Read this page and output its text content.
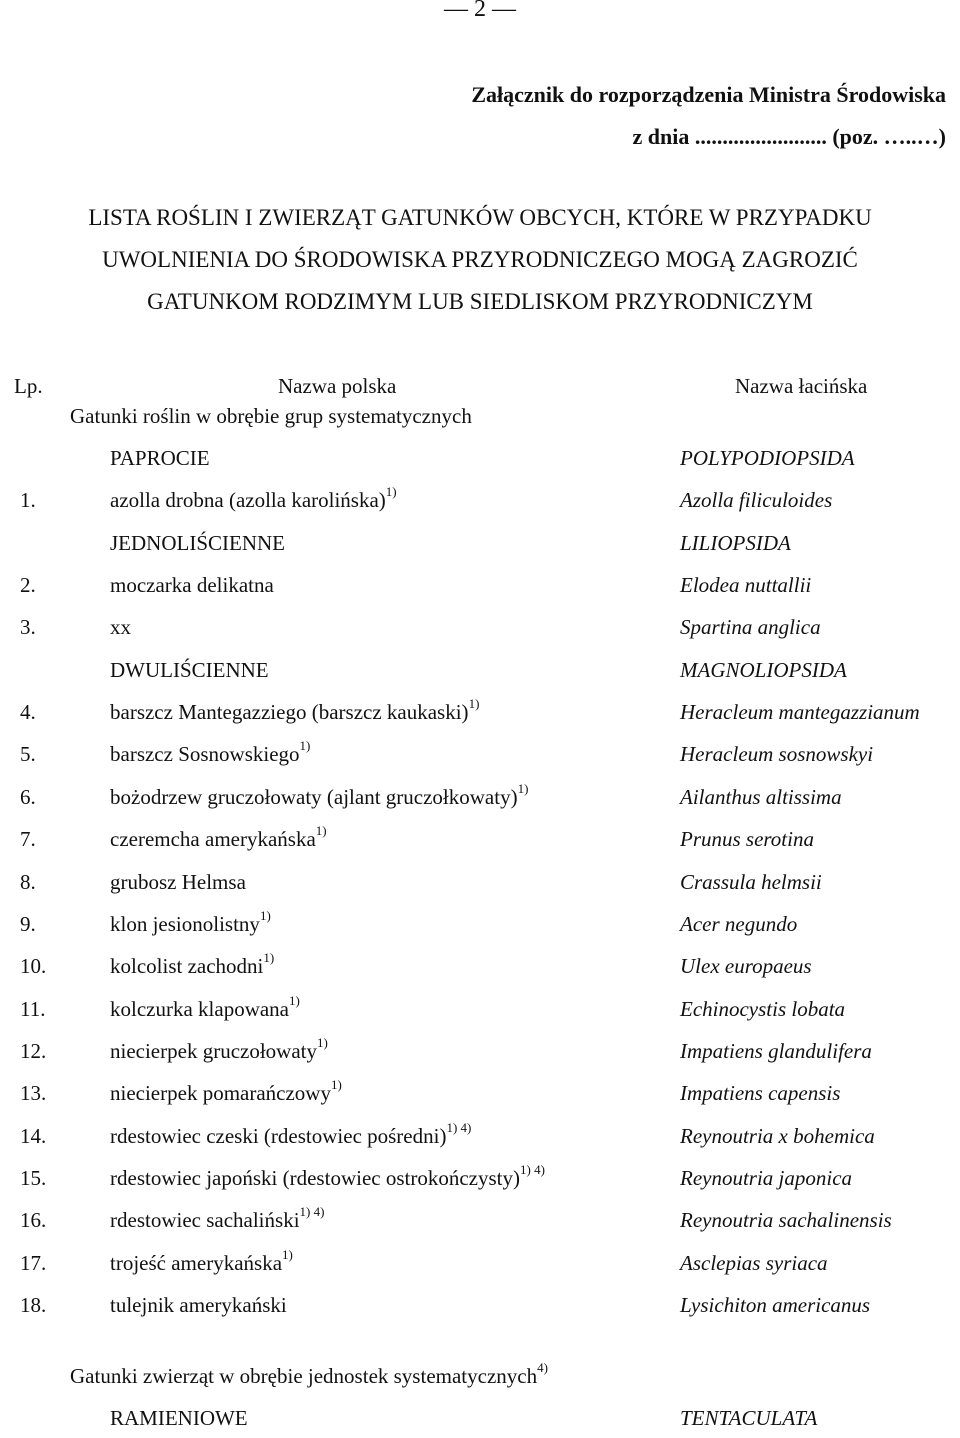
— 2 —
Załącznik do rozporządzenia Ministra Środowiska
z dnia ........................ (poz. …..…)
LISTA ROŚLIN I ZWIERZĄT GATUNKÓW OBCYCH, KTÓRE W PRZYPADKU
UWOLNIENIA DO ŚRODOWISKA PRZYRODNICZEGO MOGĄ ZAGROZIĆ
GATUNKOM RODZIMYM LUB SIEDLISKOM PRZYRODNICZYM
Lp.	Nazwa polska	Nazwa łacińska
Gatunki roślin w obrębie grup systematycznych
PAPROCIE	POLYPODIOPSIDA
1.	azolla drobna (azolla karolińska)$^{1)}$	Azolla filiculoides
JEDNOLIŚCIENNE	LILIOPSIDA
2.	moczarka delikatna	Elodea nuttallii
3.	xx	Spartina anglica
DWULIŚCIENNE	MAGNOLIOPSIDA
4.	barszcz Mantegazziego (barszcz kaukaski)$^{1)}$	Heracleum mantegazzianum
5.	barszcz Sosnowskiego$^{1)}$	Heracleum sosnowskyi
6.	bożodrzew gruczołowaty (ajlant gruczołkowaty)$^{1)}$	Ailanthus altissima
7.	czeremcha amerykańska$^{1)}$	Prunus serotina
8.	grubosz Helmsa	Crassula helmsii
9.	klon jesionolistny$^{1)}$	Acer negundo
10.	kolcolist zachodni$^{1)}$	Ulex europaeus
11.	kolczurka klapowana$^{1)}$	Echinocystis lobata
12.	niecierpek gruczołowaty$^{1)}$	Impatiens glandulifera
13.	niecierpek pomarańczowy$^{1)}$	Impatiens capensis
14.	rdestowiec czeski (rdestowiec pośredni)$^{1) 4)}$	Reynoutria x bohemica
15.	rdestowiec japoński (rdestowiec ostrokończysty)$^{1) 4)}$	Reynoutria japonica
16.	rdestowiec sachaliński$^{1) 4)}$	Reynoutria sachalinensis
17.	trojeść amerykańska$^{1)}$	Asclepias syriaca
18.	tulejnik amerykański	Lysichiton americanus
Gatunki zwierząt w obrębie jednostek systematycznych$^{4)}$
RAMIENIOWE	TENTACULATA
